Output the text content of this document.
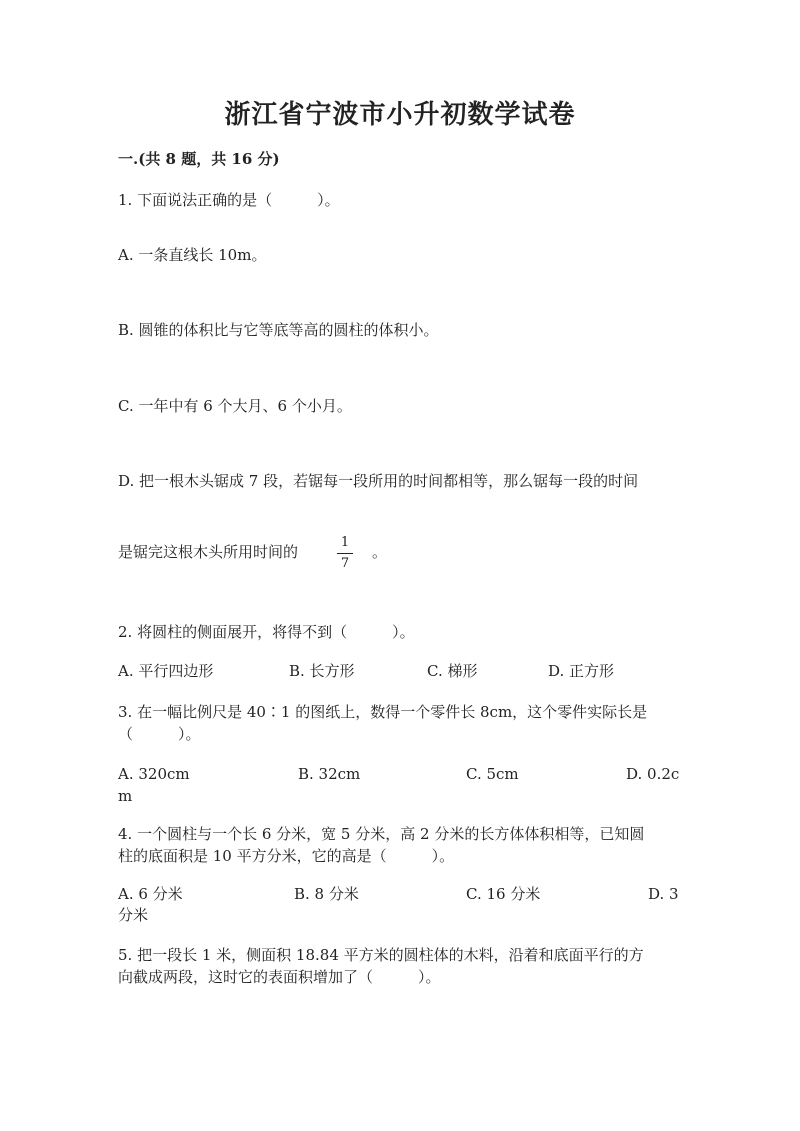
浙江省宁波市小升初数学试卷
一.(共 8 题，共 16 分)
1. 下面说法正确的是（　　　）。
A. 一条直线长 10m。
B. 圆锥的体积比与它等底等高的圆柱的体积小。
C. 一年中有 6 个大月、6 个小月。
D. 把一根木头锯成 7 段，若锯每一段所用的时间都相等，那么锯每一段的时间
是锯完这根木头所用时间的
1
7
。
2. 将圆柱的侧面展开，将得不到（　　　）。
A. 平行四边形	B. 长方形	C. 梯形	D. 正方形
3. 在一幅比例尺是 40∶1 的图纸上，数得一个零件长 8cm，这个零件实际长是
（　　　）。
A. 320cm	B. 32cm	C. 5cm	D. 0.2c
m
4. 一个圆柱与一个长 6 分米，宽 5 分米，高 2 分米的长方体体积相等，已知圆
柱的底面积是 10 平方分米，它的高是（　　　）。
A. 6 分米	B. 8 分米	C. 16 分米	D. 3
分米
5. 把一段长 1 米，侧面积 18.84 平方米的圆柱体的木料，沿着和底面平行的方
向截成两段，这时它的表面积增加了（　　　）。
